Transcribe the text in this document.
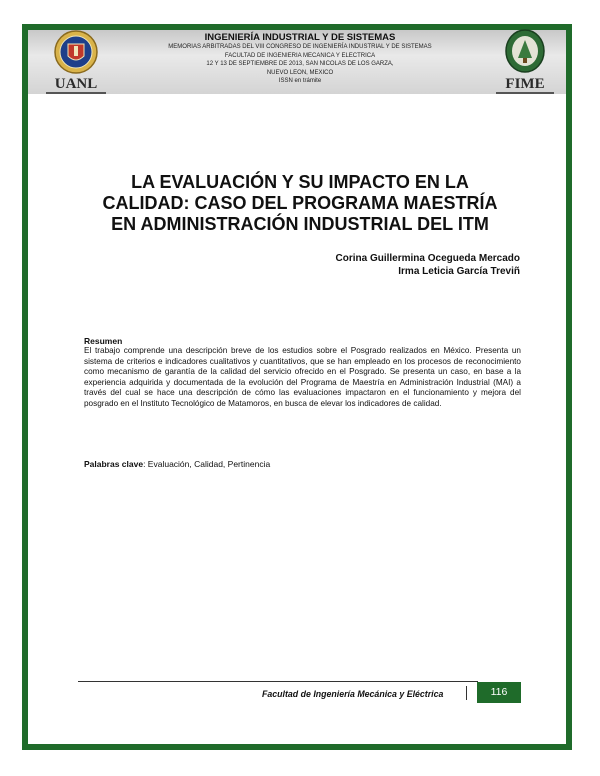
UANL	FIME
INGENIERÍA INDUSTRIAL Y DE SISTEMAS
MEMORIAS ARBITRADAS DEL VIII CONGRESO DE INGENIERÍA INDUSTRIAL Y DE SISTEMAS
FACULTAD DE INGENIERIA MECANICA Y ELECTRICA
12 Y 13 DE SEPTIEMBRE DE 2013, SAN NICOLAS DE LOS GARZA,
NUEVO LEON, MEXICO
ISSN en trámite
LA EVALUACIÓN Y SU IMPACTO EN LA
CALIDAD: CASO DEL PROGRAMA MAESTRÍA
EN ADMINISTRACIÓN INDUSTRIAL DEL ITM
Corina Guillermina Ocegueda Mercado
Irma Leticia García Treviñ
Resumen
El trabajo comprende una descripción breve de los estudios sobre el Posgrado realizados en México. Presenta un sistema de criterios e indicadores cualitativos y cuantitativos, que se han empleado en los procesos de reconocimiento como mecanismo de garantía de la calidad del servicio ofrecido en el Posgrado. Se presenta un caso, en base a la experiencia adquirida y documentada de la evolución del Programa de Maestría en Administración Industrial (MAI) a través del cual se hace una descripción de cómo las evaluaciones impactaron en el funcionamiento y mejora del posgrado en el Instituto Tecnológico de Matamoros, en busca de elevar los indicadores de calidad.
Palabras clave: Evaluación, Calidad, Pertinencia
Facultad de Ingeniería Mecánica y Eléctrica	116
